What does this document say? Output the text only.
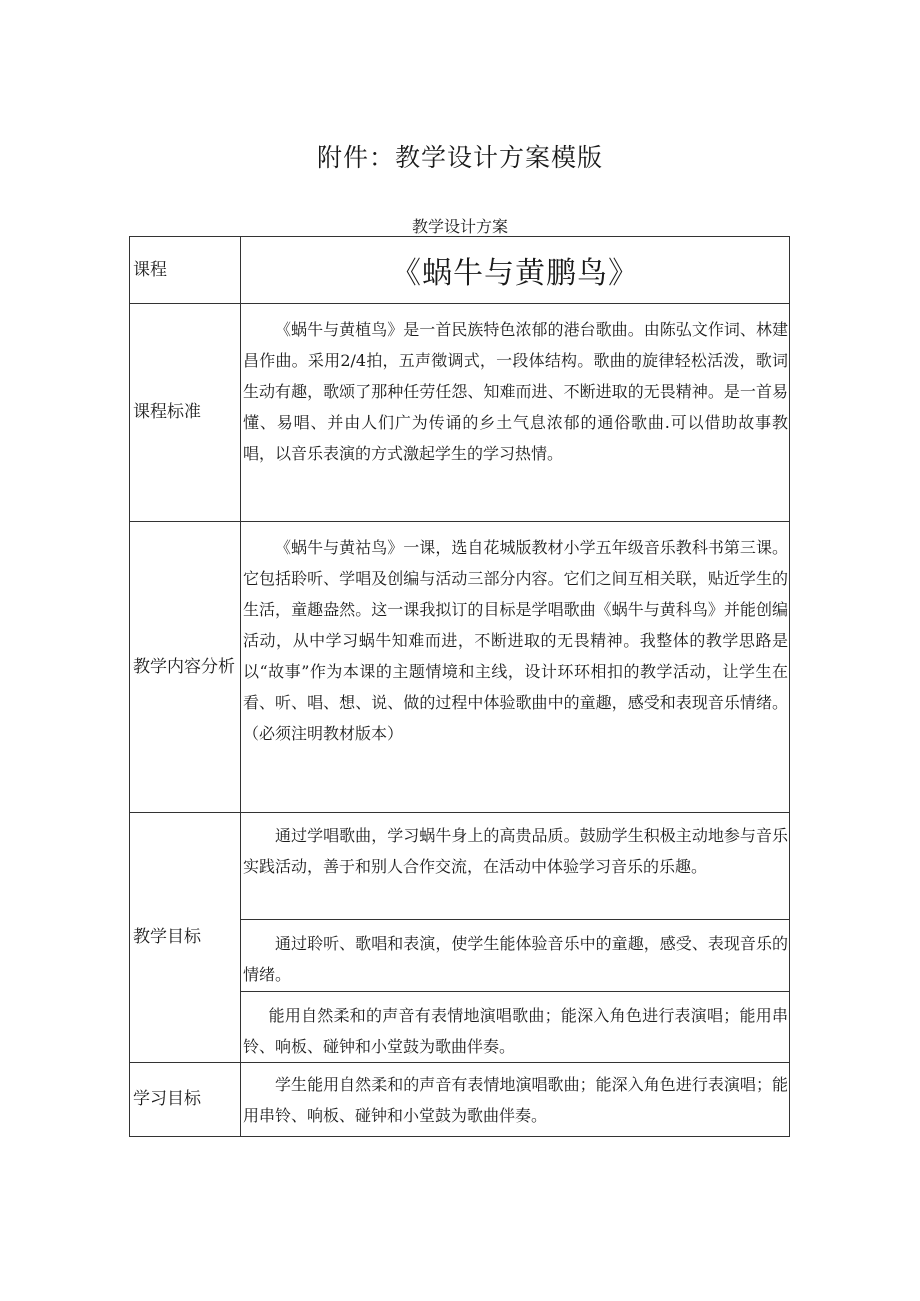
附件：教学设计方案模版
教学设计方案
课程	《蜗牛与黄鹏鸟》
课程标准	《蜗牛与黄植鸟》是一首民族特色浓郁的港台歌曲。由陈弘文作词、林建昌作曲。采用2/4拍，五声徵调式，一段体结构。歌曲的旋律轻松活泼，歌词生动有趣，歌颂了那种任劳任怨、知难而进、不断进取的无畏精神。是一首易懂、易唱、并由人们广为传诵的乡土气息浓郁的通俗歌曲.可以借助故事教唱，以音乐表演的方式激起学生的学习热情。

教学内容分析	《蜗牛与黄祜鸟》一课，选自花城版教材小学五年级音乐教科书第三课。它包括聆听、学唱及创编与活动三部分内容。它们之间互相关联，贴近学生的生活，童趣盎然。这一课我拟订的目标是学唱歌曲《蜗牛与黄科鸟》并能创编活动，从中学习蜗牛知难而进，不断进取的无畏精神。我整体的教学思路是以“故事”作为本课的主题情境和主线，设计环环相扣的教学活动，让学生在看、听、唱、想、说、做的过程中体验歌曲中的童趣，感受和表现音乐情绪。（必须注明教材版本）

教学目标	通过学唱歌曲，学习蜗牛身上的高贵品质。鼓励学生积极主动地参与音乐实践活动，善于和别人合作交流，在活动中体验学习音乐的乐趣。

	通过聆听、歌唱和表演，使学生能体验音乐中的童趣，感受、表现音乐的情绪。

	能用自然柔和的声音有表情地演唱歌曲；能深入角色进行表演唱；能用串铃、响板、碰钟和小堂鼓为歌曲伴奏。

学习目标	学生能用自然柔和的声音有表情地演唱歌曲；能深入角色进行表演唱；能用串铃、响板、碰钟和小堂鼓为歌曲伴奏。
